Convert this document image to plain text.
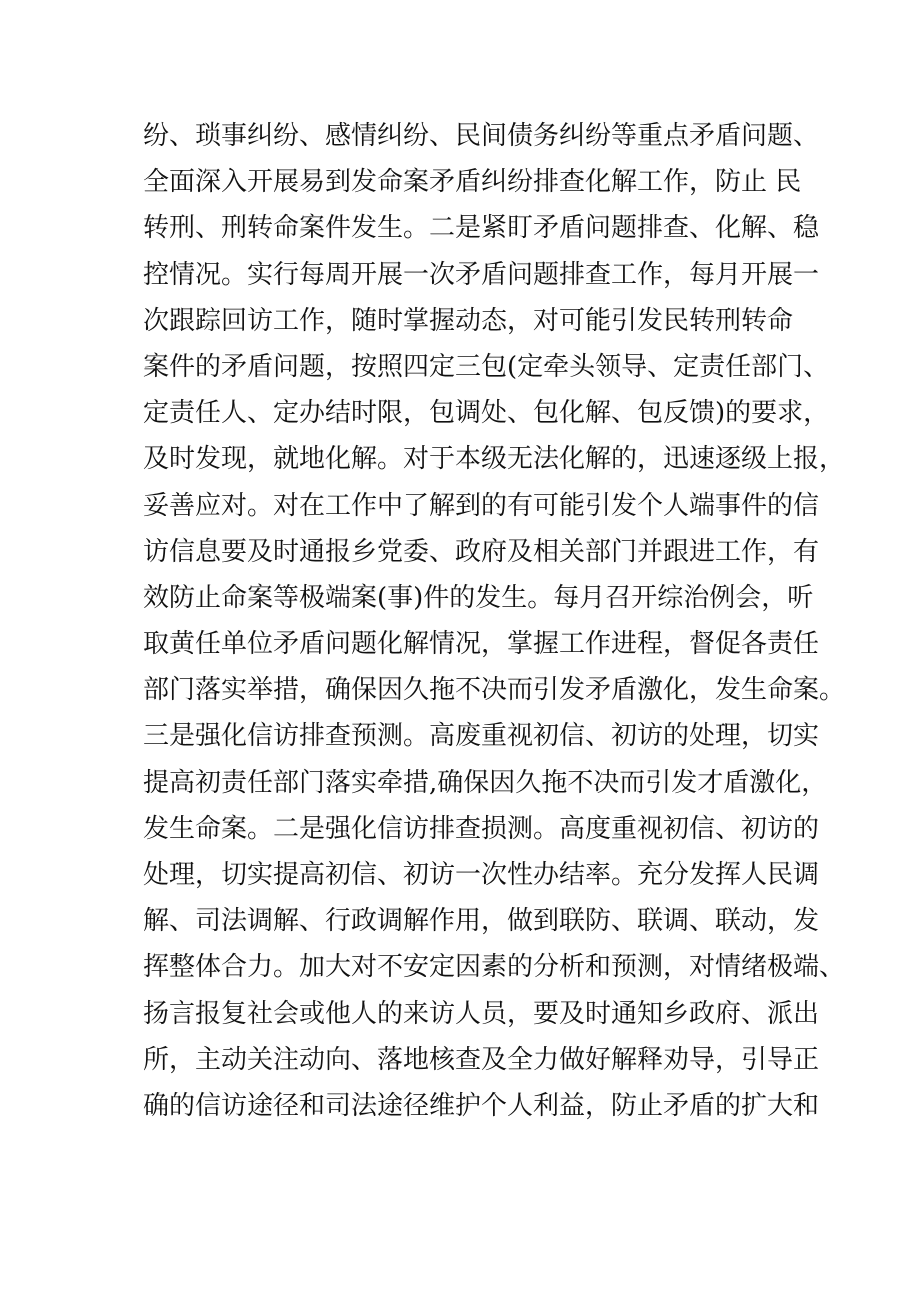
纷、琐事纠纷、感情纠纷、民间债务纠纷等重点矛盾问题、
全面深入开展易到发命案矛盾纠纷排查化解工作，防止 民
转刑、刑转命案件发生。二是紧盯矛盾问题排查、化解、稳
控情况。实行每周开展一次矛盾问题排查工作，每月开展一
次跟踪回访工作，随时掌握动态，对可能引发民转刑转命
案件的矛盾问题，按照四定三包(定牵头领导、定责任部门、
定责任人、定办结时限，包调处、包化解、包反馈)的要求，
及时发现，就地化解。对于本级无法化解的，迅速逐级上报，
妥善应对。对在工作中了解到的有可能引发个人端事件的信
访信息要及时通报乡党委、政府及相关部门并跟进工作，有
效防止命案等极端案(事)件的发生。每月召开综治例会，听
取黄任单位矛盾问题化解情况，掌握工作进程，督促各责任
部门落实举措，确保因久拖不决而引发矛盾激化，发生命案。
三是强化信访排查预测。高废重视初信、初访的处理，切实
提高初责任部门落实牵措,确保因久拖不决而引发才盾激化，
发生命案。二是强化信访排查损测。高度重视初信、初访的
处理，切实提高初信、初访一次性办结率。充分发挥人民调
解、司法调解、行政调解作用，做到联防、联调、联动，发
挥整体合力。加大对不安定因素的分析和预测，对情绪极端、
扬言报复社会或他人的来访人员，要及时通知乡政府、派出
所，主动关注动向、落地核查及全力做好解释劝导，引导正
确的信访途径和司法途径维护个人利益，防止矛盾的扩大和
